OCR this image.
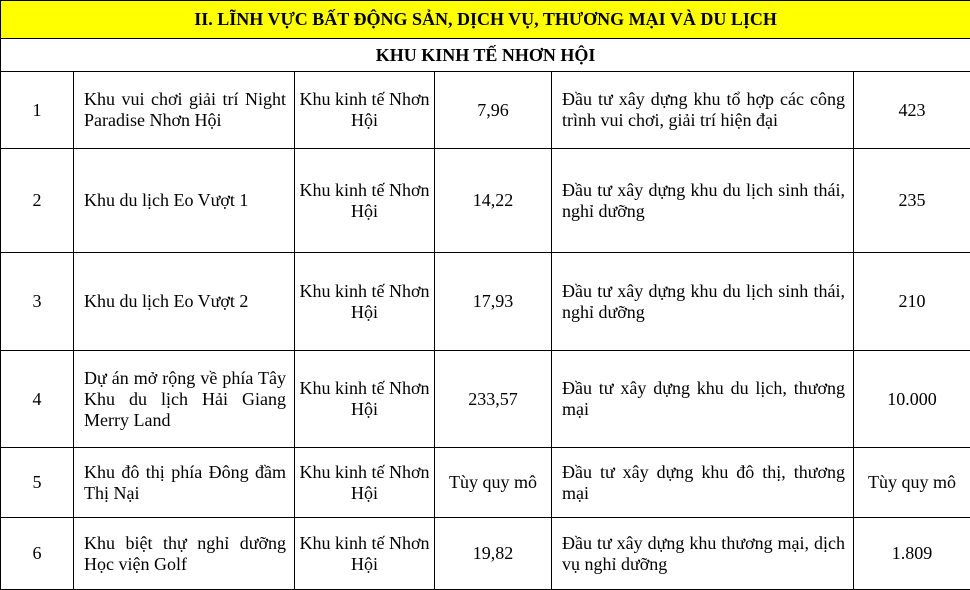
II. LĨNH VỰC BẤT ĐỘNG SẢN, DỊCH VỤ, THƯƠNG MẠI VÀ DU LỊCH					
KHU KINH TẾ NHƠN HỘI					
1	Khu vui chơi giải trí Night Paradise Nhơn Hội	Khu kinh tế Nhơn Hội	7,96	Đầu tư xây dựng khu tổ hợp các công trình vui chơi, giải trí hiện đại	423
2	Khu du lịch Eo Vượt 1	Khu kinh tế Nhơn Hội	14,22	Đầu tư xây dựng khu du lịch sinh thái, nghỉ dưỡng	235
3	Khu du lịch Eo Vượt 2	Khu kinh tế Nhơn Hội	17,93	Đầu tư xây dựng khu du lịch sinh thái, nghỉ dưỡng	210
4	Dự án mở rộng về phía Tây Khu du lịch Hải Giang Merry Land	Khu kinh tế Nhơn Hội	233,57	Đầu tư xây dựng khu du lịch, thương mại	10.000
5	Khu đô thị phía Đông đầm Thị Nại	Khu kinh tế Nhơn Hội	Tùy quy mô	Đầu tư xây dựng khu đô thị, thương mại	Tùy quy mô
6	Khu biệt thự nghỉ dưỡng Học viện Golf	Khu kinh tế Nhơn Hội	19,82	Đầu tư xây dựng khu thương mại, dịch vụ nghỉ dưỡng	1.809
